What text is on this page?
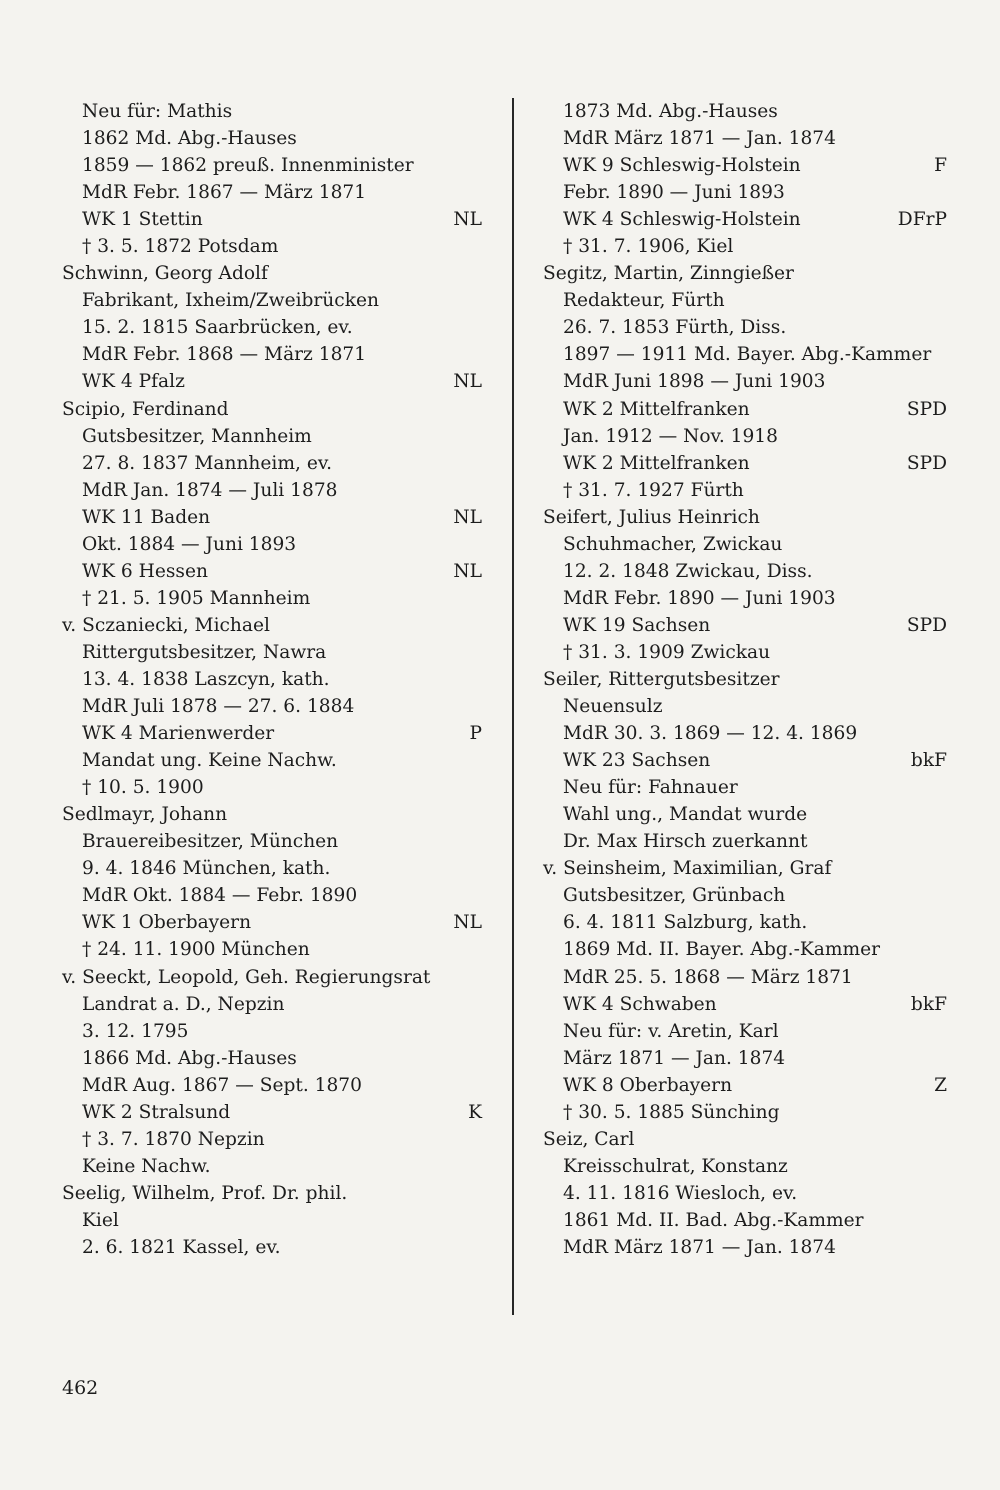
Neu für: Mathis
1862 Md. Abg.-Hauses
1859 — 1862 preuß. Innenminister
MdR Febr. 1867 — März 1871
WK 1 Stettin	NL
† 3. 5. 1872 Potsdam
Schwinn, Georg Adolf
Fabrikant, Ixheim/Zweibrücken
15. 2. 1815 Saarbrücken, ev.
MdR Febr. 1868 — März 1871
WK 4 Pfalz	NL
Scipio, Ferdinand
Gutsbesitzer, Mannheim
27. 8. 1837 Mannheim, ev.
MdR Jan. 1874 — Juli 1878
WK 11 Baden	NL
Okt. 1884 — Juni 1893
WK 6 Hessen	NL
† 21. 5. 1905 Mannheim
v. Sczaniecki, Michael
Rittergutsbesitzer, Nawra
13. 4. 1838 Laszcyn, kath.
MdR Juli 1878 — 27. 6. 1884
WK 4 Marienwerder	P
Mandat ung. Keine Nachw.
† 10. 5. 1900
Sedlmayr, Johann
Brauereibesitzer, München
9. 4. 1846 München, kath.
MdR Okt. 1884 — Febr. 1890
WK 1 Oberbayern	NL
† 24. 11. 1900 München
v. Seeckt, Leopold, Geh. Regierungsrat
Landrat a. D., Nepzin
3. 12. 1795
1866 Md. Abg.-Hauses
MdR Aug. 1867 — Sept. 1870
WK 2 Stralsund	K
† 3. 7. 1870 Nepzin
Keine Nachw.
Seelig, Wilhelm, Prof. Dr. phil.
Kiel
2. 6. 1821 Kassel, ev.
1873 Md. Abg.-Hauses
MdR März 1871 — Jan. 1874
WK 9 Schleswig-Holstein	F
Febr. 1890 — Juni 1893
WK 4 Schleswig-Holstein	DFrP
† 31. 7. 1906, Kiel
Segitz, Martin, Zinngießer
Redakteur, Fürth
26. 7. 1853 Fürth, Diss.
1897 — 1911 Md. Bayer. Abg.-Kammer
MdR Juni 1898 — Juni 1903
WK 2 Mittelfranken	SPD
Jan. 1912 — Nov. 1918
WK 2 Mittelfranken	SPD
† 31. 7. 1927 Fürth
Seifert, Julius Heinrich
Schuhmacher, Zwickau
12. 2. 1848 Zwickau, Diss.
MdR Febr. 1890 — Juni 1903
WK 19 Sachsen	SPD
† 31. 3. 1909 Zwickau
Seiler, Rittergutsbesitzer
Neuensulz
MdR 30. 3. 1869 — 12. 4. 1869
WK 23 Sachsen	bkF
Neu für: Fahnauer
Wahl ung., Mandat wurde
Dr. Max Hirsch zuerkannt
v. Seinsheim, Maximilian, Graf
Gutsbesitzer, Grünbach
6. 4. 1811 Salzburg, kath.
1869 Md. II. Bayer. Abg.-Kammer
MdR 25. 5. 1868 — März 1871
WK 4 Schwaben	bkF
Neu für: v. Aretin, Karl
März 1871 — Jan. 1874
WK 8 Oberbayern	Z
† 30. 5. 1885 Sünching
Seiz, Carl
Kreisschulrat, Konstanz
4. 11. 1816 Wiesloch, ev.
1861 Md. II. Bad. Abg.-Kammer
MdR März 1871 — Jan. 1874
462
